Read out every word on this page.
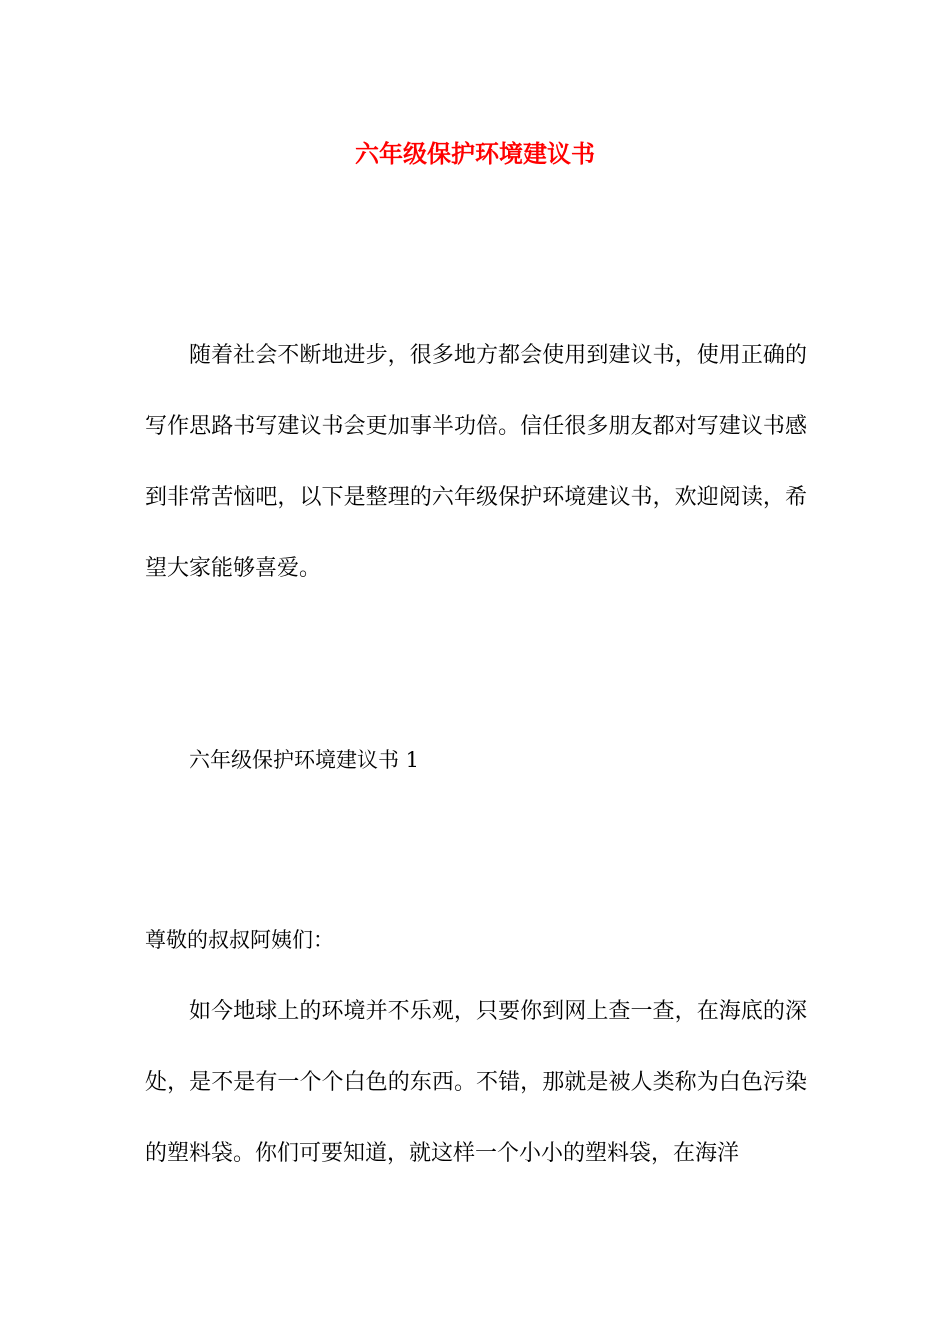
六年级保护环境建议书

随着社会不断地进步，很多地方都会使用到建议书，使用正确的写作思路书写建议书会更加事半功倍。信任很多朋友都对写建议书感到非常苦恼吧，以下是整理的六年级保护环境建议书，欢迎阅读，希望大家能够喜爱。

六年级保护环境建议书 1

尊敬的叔叔阿姨们：

如今地球上的环境并不乐观，只要你到网上查一查，在海底的深处，是不是有一个个白色的东西。不错，那就是被人类称为白色污染的塑料袋。你们可要知道，就这样一个小小的塑料袋，在海洋
